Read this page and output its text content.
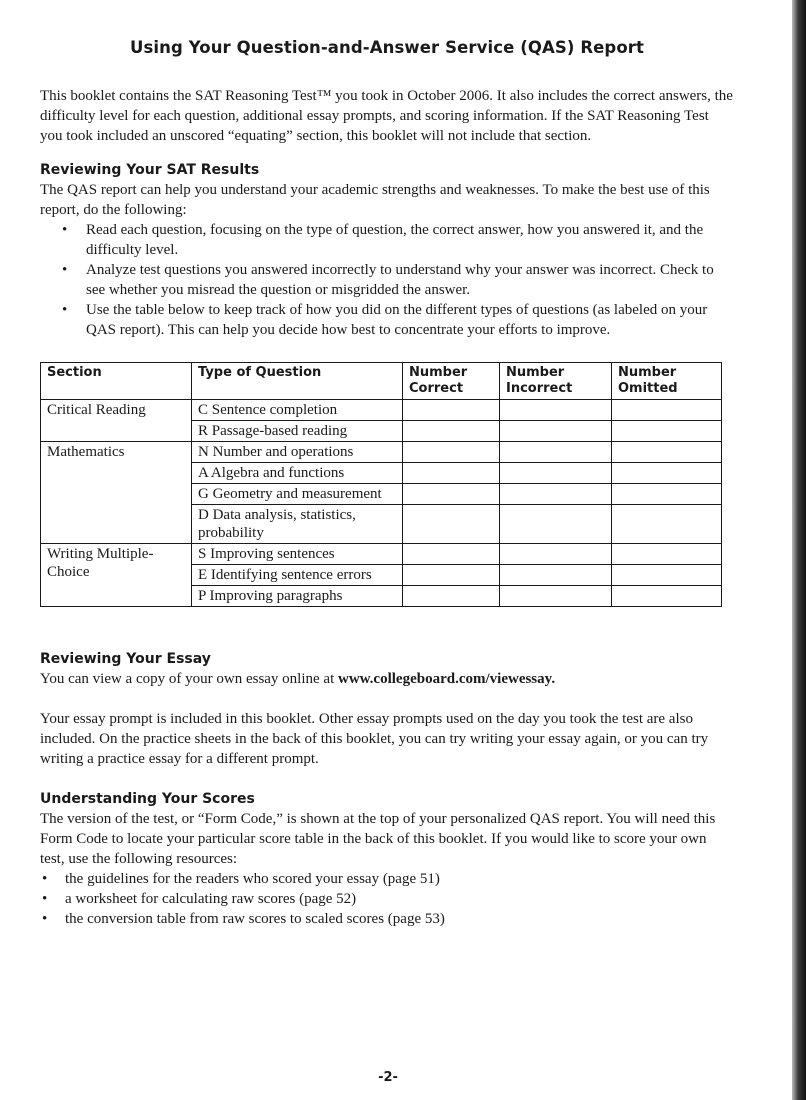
Using Your Question-and-Answer Service (QAS) Report

This booklet contains the SAT Reasoning Test™ you took in October 2006. It also includes the correct answers, the difficulty level for each question, additional essay prompts, and scoring information. If the SAT Reasoning Test you took included an unscored “equating” section, this booklet will not include that section.

Reviewing Your SAT Results

The QAS report can help you understand your academic strengths and weaknesses. To make the best use of this report, do the following:

• Read each question, focusing on the type of question, the correct answer, how you answered it, and the difficulty level.
• Analyze test questions you answered incorrectly to understand why your answer was incorrect. Check to see whether you misread the question or misgridded the answer.
• Use the table below to keep track of how you did on the different types of questions (as labeled on your QAS report). This can help you decide how best to concentrate your efforts to improve.
Section	Type of Question	Number Correct	Number Incorrect	Number Omitted
Critical Reading	C Sentence completion			
	R Passage-based reading			
Mathematics	N Number and operations			
	A Algebra and functions			
	G Geometry and measurement			
	D Data analysis, statistics, probability			
Writing Multiple-Choice	S Improving sentences			
	E Identifying sentence errors			
	P Improving paragraphs			
Reviewing Your Essay

You can view a copy of your own essay online at www.collegeboard.com/viewessay.

Your essay prompt is included in this booklet. Other essay prompts used on the day you took the test are also included. On the practice sheets in the back of this booklet, you can try writing your essay again, or you can try writing a practice essay for a different prompt.

Understanding Your Scores

The version of the test, or “Form Code,” is shown at the top of your personalized QAS report. You will need this Form Code to locate your particular score table in the back of this booklet. If you would like to score your own test, use the following resources:

• the guidelines for the readers who scored your essay (page 51)
• a worksheet for calculating raw scores (page 52)
• the conversion table from raw scores to scaled scores (page 53)
-2-
